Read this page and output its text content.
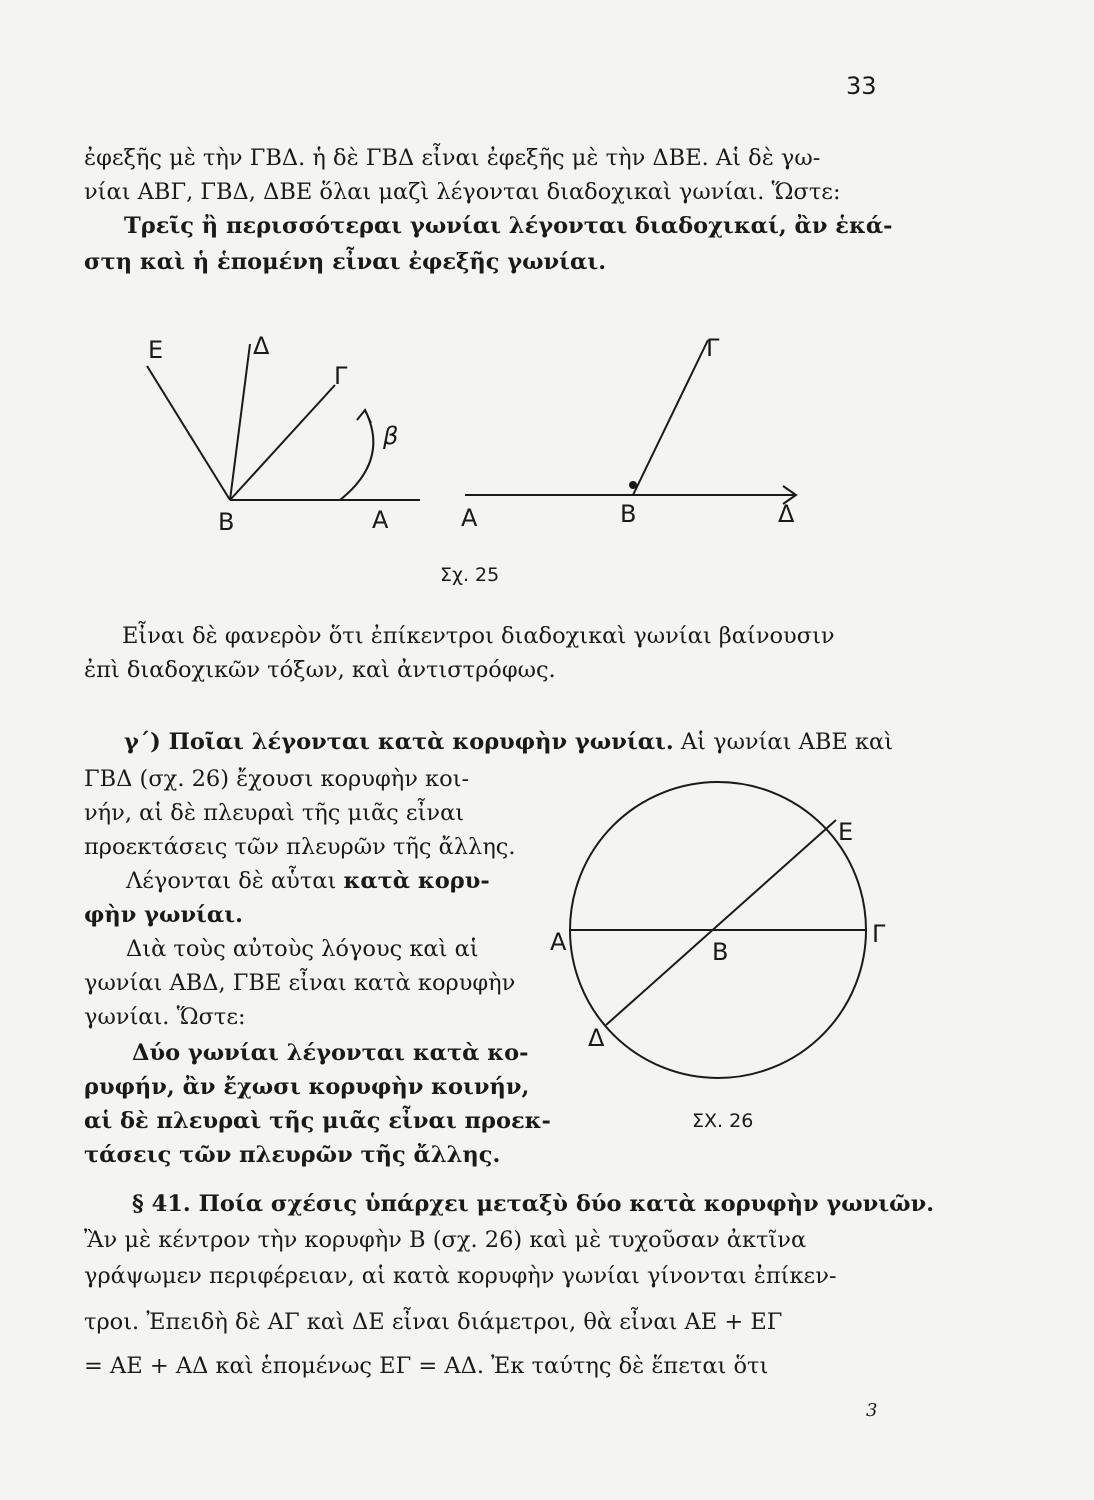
33
ἐφεξῆς μὲ τὴν ΓΒΔ. ἡ δὲ ΓΒΔ εἶναι ἐφεξῆς μὲ τὴν ΔΒΕ. Αἱ δὲ γω-
νίαι ΑΒΓ, ΓΒΔ, ΔΒΕ ὅλαι μαζὶ λέγονται διαδοχικαὶ γωνίαι. Ὥστε:
Τρεῖς ἢ περισσότεραι γωνίαι λέγονται διαδοχικαί, ἂν ἑκά-
στη καὶ ἡ ἑπομένη εἶναι ἐφεξῆς γωνίαι.
Ε	Δ
Γ
β
Β	Α
Γ
Α	Β	Δ
Σχ. 25
Εἶναι δὲ φανερὸν ὅτι ἐπίκεντροι διαδοχικαὶ γωνίαι βαίνουσιν
ἐπὶ διαδοχικῶν τόξων, καὶ ἀντιστρόφως.
γ΄) Ποῖαι λέγονται κατὰ κορυφὴν γωνίαι. Αἱ γωνίαι ΑΒΕ καὶ
ΓΒΔ (σχ. 26) ἔχουσι κορυφὴν κοι-
νήν, αἱ δὲ πλευραὶ τῆς μιᾶς εἶναι
προεκτάσεις τῶν πλευρῶν τῆς ἄλλης.
Λέγονται δὲ αὗται κατὰ κορυ-
φὴν γωνίαι.
Διὰ τοὺς αὐτοὺς λόγους καὶ αἱ
γωνίαι ΑΒΔ, ΓΒΕ εἶναι κατὰ κορυφὴν
γωνίαι. Ὥστε:
Δύο γωνίαι λέγονται κατὰ κο-
ρυφήν, ἂν ἔχωσι κορυφὴν κοινήν,
αἱ δὲ πλευραὶ τῆς μιᾶς εἶναι προεκ-
τάσεις τῶν πλευρῶν τῆς ἄλλης.
Ε
Α	Γ
Β
Δ
ΣΧ. 26
§ 41. Ποία σχέσις ὑπάρχει μεταξὺ δύο κατὰ κορυφὴν γωνιῶν.
Ἂν μὲ κέντρον τὴν κορυφὴν Β (σχ. 26) καὶ μὲ τυχοῦσαν ἀκτῖνα
γράψωμεν περιφέρειαν, αἱ κατὰ κορυφὴν γωνίαι γίνονται ἐπίκεν-
τροι. Ἐπειδὴ δὲ ΑΓ καὶ ΔΕ εἶναι διάμετροι, θὰ εἶναι ΑΕ + ΕΓ
= ΑΕ + ΑΔ καὶ ἑπομένως ΕΓ = ΑΔ. Ἐκ ταύτης δὲ ἕπεται ὅτι
3
